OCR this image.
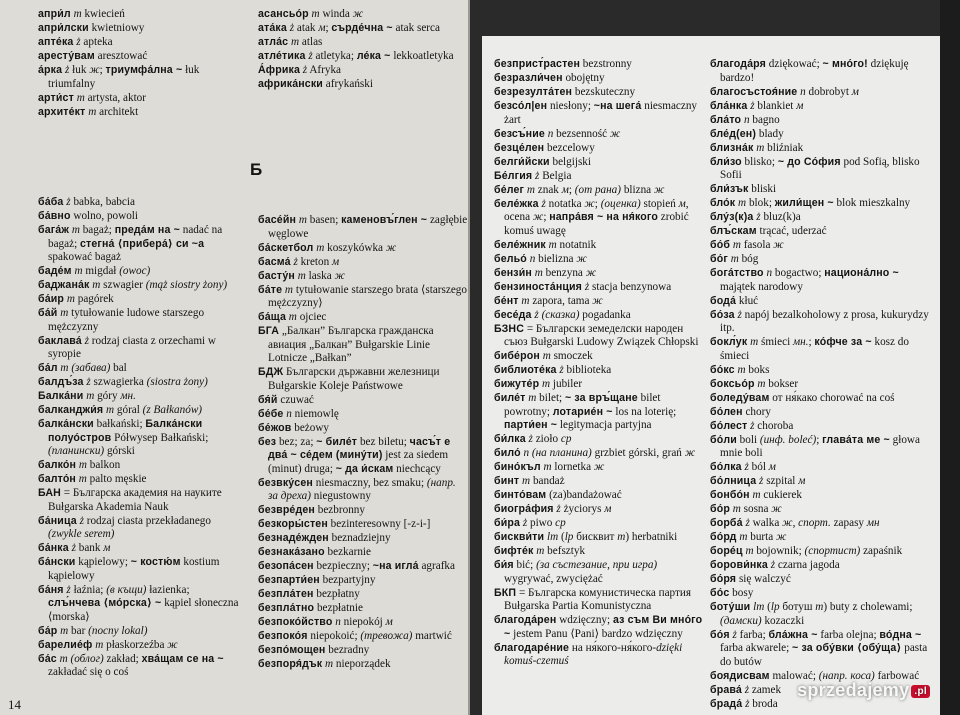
апри́л m kwiecień
апри́лски kwietniowy
апте́ка ż apteka
аресту́вам aresztować
а́рка ż łuk ж; триумфа́лна ~ łuk triumfalny
арти́ст m artysta, aktor
архите́кт m architekt
асансьо́р m winda ж
ата́ка ż atak м; сърде́чна ~ atak serca
атла́с m atlas
атле́тика ż atletyka; ле́ка ~ lekkoatletyka
А́фрика ż Afryka
африка́нски afrykański
Б
ба́ба ż babka, babcia
ба́вно wolno, powoli
бага́ж m bagaż; преда́м на ~ nadać na bagaż; стегна́ ⟨прибера́⟩ си ~a spakować bagaż
баде́м m migdał (owoc)
баджана́к m szwagier (mąż siostry żony)
ба́ир m pagórek
ба́й m tytułowanie ludowe starszego mężczyzny
баклава́ ż rodzaj ciasta z orzechami w syropie
ба́л m (забава) bal
балдъ́за ż szwagierka (siostra żony)
Балка́ни m góry мн.
балканджи́я m góral (z Bałkanów)
балка́нски bałkański; Балка́нски полуо́стров Półwysep Bałkański; (планински) górski
балко́н m balkon
балто́н m palto męskie
БАН = Българска академия на науките Bułgarska Akademia Nauk
ба́ница ż rodzaj ciasta przekładanego (zwykle serem)
ба́нка ż bank м
ба́нски kąpielowy; ~ костю́м kostium kąpielowy
ба́ня ż łaźnia; (в къщи) łazienka; слъ́нчева ⟨мо́рска⟩ ~ kąpiel słoneczna ⟨morska⟩
ба́р m bar (nocny lokal)
барелие́ф m płaskorzeźba ж
ба́с m (облог) zakład; хва́щам се на ~ zakładać się o coś
басе́йн m basen; каменовъ́глен ~ zagłębie węglowe
ба́скетбол m koszykówka ж
басма́ ż kreton м
басту́н m laska ж
ба́те m tytułowanie starszego brata ⟨starszego mężczyzny⟩
ба́ща m ojciec
БГА „Балкан” Българска гражданска авиация „Балкан” Bułgarskie Linie Lotnicze „Bałkan”
БДЖ Български държавни железници Bułgarskie Koleje Państwowe
бя́й czuwać
бе́бе n niemowlę
бе́жов beżowy
без bez; za; ~ биле́т bez biletu; часъ́т е два́ ~ се́дем (мину́ти) jest za siedem (minut) druga; ~ да и́скам niechcący
безвку́сен niesmaczny, bez smaku; (напр. за дреха) niegustowny
безвре́ден bezbronny
безкоры́стен bezinteresowny [-z-i-]
безнаде́жден beznadziejny
безнака́зано bezkarnie
безопа́сен bezpieczny; ~на игла́ agrafka
безпарти́ен bezpartyjny
безпла́тен bezpłatny
безпла́тно bezpłatnie
безпоко́йство n niepokój м
безпоко́я niepokoić; (тревожа) martwić
безпо́мощен bezradny
безпоря́дък m nieporządek
14
безприст́растен bezstronny
безразли́чен obojętny
безрезулта́тен bezskuteczny
безсо́л|ен niesłony; ~на шега́ niesmaczny żart
безсъ́ние n bezsenność ж
безце́лен bezcelowy
белги́йски belgijski
Бе́лгия ż Belgia
бе́лег m znak м; (от рана) blizna ж
беле́жка ż notatka ж; (оценка) stopień м, ocena ж; напра́вя ~ на ня́кого zrobić komuś uwagę
беле́жник m notatnik
бельо́ n bielizna ж
бензи́н m benzyna ж
бензиноста́нция ż stacja benzynowa
бе́нт m zapora, tama ж
бесе́да ż (сказка) pogadanka
БЗНС = Български земеделски народен съюз Bułgarski Ludowy Związek Chłopski
бибе́рон m smoczek
библиоте́ка ż biblioteka
бижуте́р m jubiler
биле́т m bilet; ~ за връ́щане bilet powrotny; лотарие́н ~ los na loterię; парти́ен ~ legitymacja partyjna
би́лка ż zioło ср
било́ n (на планина) grzbiet górski, grań ж
бино́къл m lornetka ж
бинт m bandaż
бинто́вам (za)bandażować
биогра́фия ż życiorys м
би́ра ż piwo ср
бискви́ти lm (lp бисквит m) herbatniki
бифте́к m befsztyk
би́я bić; (за състезание, при игра) wygrywać, zwyciężać
БКП = Българска комунистическа партия Bułgarska Partia Komunistyczna
благода́рен wdzięczny; аз съм Ви мно́го ~ jestem Panu ⟨Pani⟩ bardzo wdzięczny
благодаре́ние на ня́кого-ня́кого-dzięki komuś-czemuś
благода́ря dziękować; ~ мно́го! dziękuję bardzo!
благосъстоя́ние n dobrobyt м
бла́нка ż blankiet м
бла́то n bagno
бле́д(ен) blady
близна́к m bliźniak
бли́зо blisko; ~ до Со́фия pod Sofią, blisko Sofii
бли́зък bliski
бло́к m blok; жили́щен ~ blok mieszkalny
блу́з(к)а ż bluz(k)a
блъ́скам trącać, uderzać
бо́б m fasola ж
бо́г m bóg
бога́тство n bogactwo; национа́лно ~ majątek narodowy
бода́ kłuć
бо́за ż napój bezalkoholowy z prosa, kukurydzy itp.
бокл́ук m śmieci мн.; ко́фче за ~ kosz do śmieci
бо́кс m boks
боксьо́р m bokser
боледу́вам от ня́како chorować na coś
бо́лен chory
бо́лест ż choroba
бо́ли boli (инф. boleć); глава́та ме ~ głowa mnie boli
бо́лка ż ból м
бо́лница ż szpital м
бонбо́н m cukierek
бо́р m sosna ж
борба́ ż walka ж, спорт. zapasy мн
бо́рд m burta ж
боре́ц m bojownik; (спортист) zapaśnik
борови́нка ż czarna jagoda
бо́ря się walczyć
бо́с bosy
боту́ши lm (lp ботуш m) buty z cholewami; (дамски) kozaczki
бо́я ż farba; бла́жна ~ farba olejna; во́дна ~ farba akwarele; ~ за обу́вки ⟨обу́ща⟩ pasta do butów
боядисвам malować; (напр. коса) farbować
брава́ ż zamek
брада́ ż broda
sprzedajemy .pl
